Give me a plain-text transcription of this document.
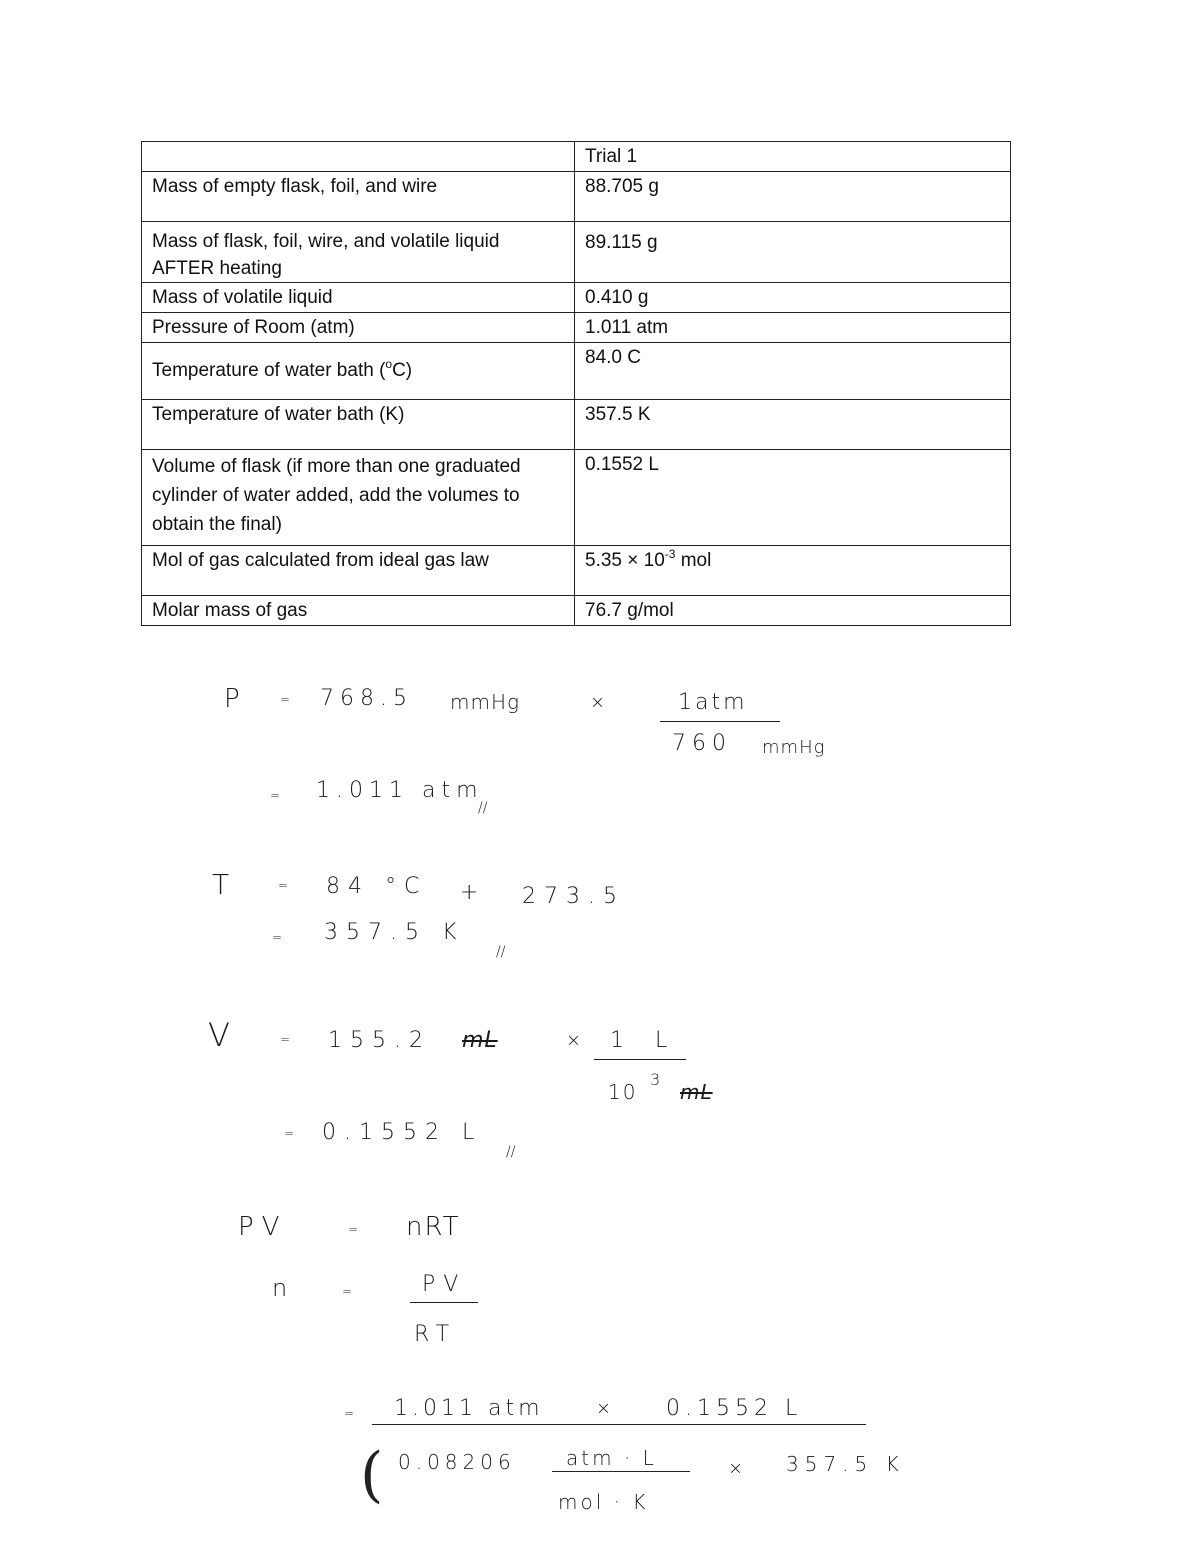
	Trial 1
Mass of empty flask, foil, and wire	88.705 g
Mass of flask, foil, wire, and volatile liquid AFTER heating	89.115 g
Mass of volatile liquid	0.410 g
Pressure of Room (atm)	1.011 atm
Temperature of water bath ($^o$C)	84.0 C
Temperature of water bath (K)	357.5 K
Volume of flask (if more than one graduated cylinder of water added, add the volumes to obtain the final)	0.1552 L
Mol of gas calculated from ideal gas law	$5.35 \times 10^{-3}$ mol
Molar mass of gas	76.7 g/mol
P	= 768.5 mmHg	×	1atm
760 mmHg
= 1.011 atm
//
T	= 84 °C + 273.5
= 357.5 K
//
V	= 155.2 mL	× 1 L
10
3
mL
= 0.1552 L
//
PV	= nRT
n	=	PV
RT
= 1.011 atm	× 0.1552 L
( 0.08206	atm · L
mol · K
× 357.5 K
